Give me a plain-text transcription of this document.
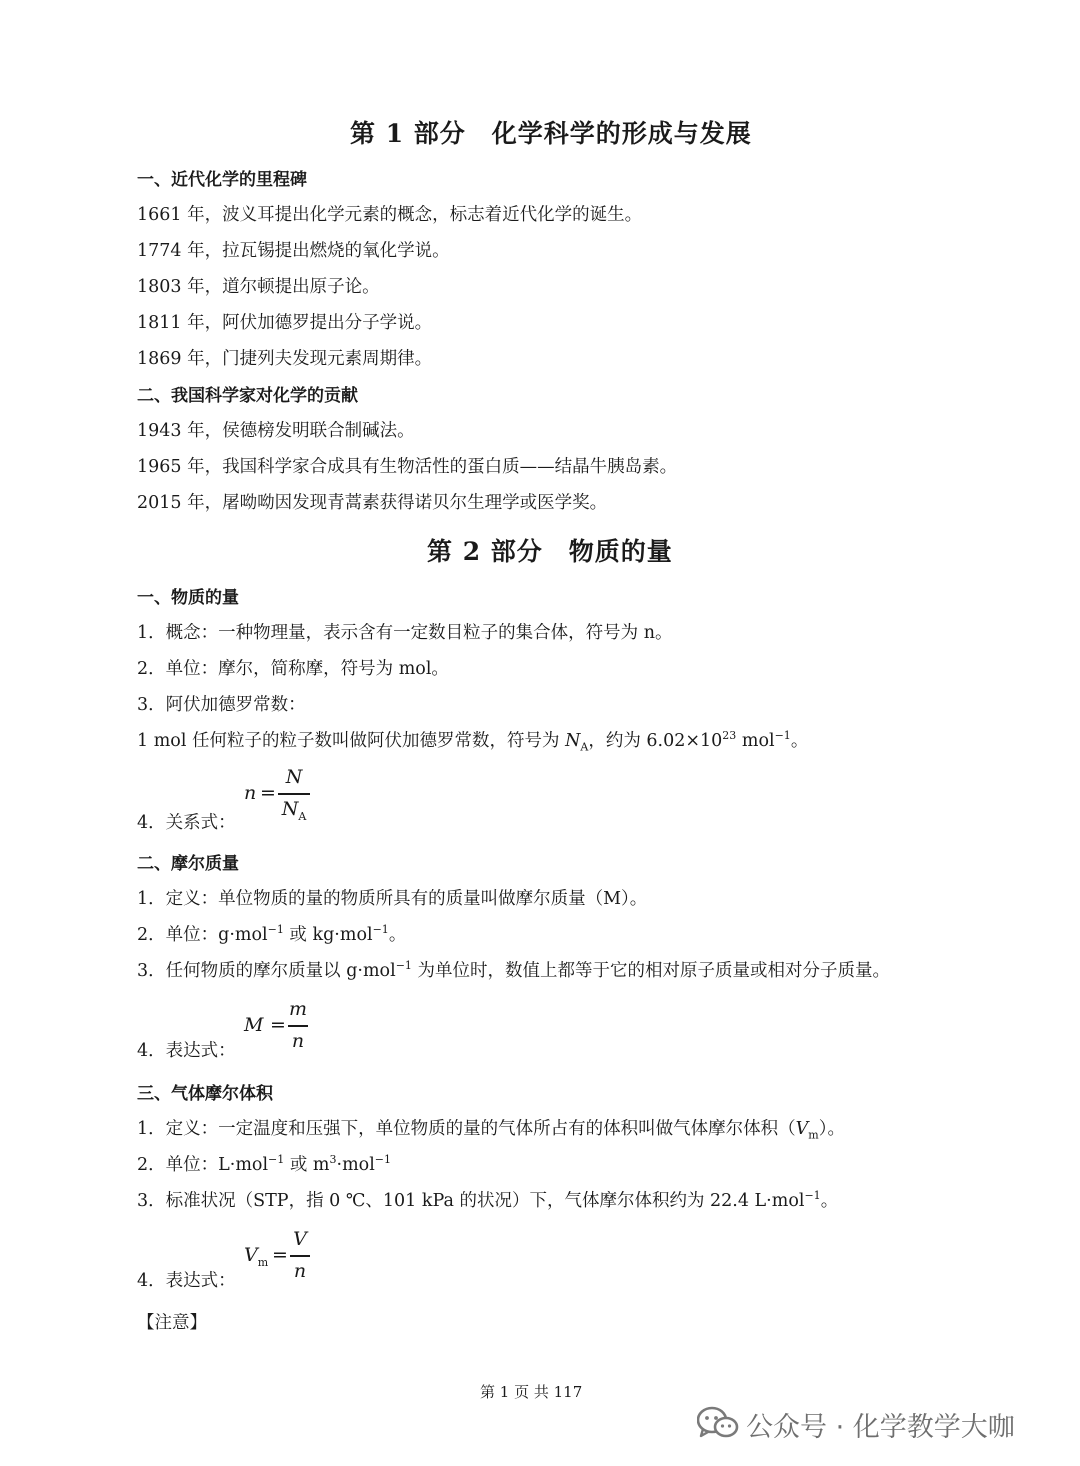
第 1 部分　化学科学的形成与发展
一、近代化学的里程碑
1661 年，波义耳提出化学元素的概念，标志着近代化学的诞生。
1774 年，拉瓦锡提出燃烧的氧化学说。
1803 年，道尔顿提出原子论。
1811 年，阿伏加德罗提出分子学说。
1869 年，门捷列夫发现元素周期律。
二、我国科学家对化学的贡献
1943 年，侯德榜发明联合制碱法。
1965 年，我国科学家合成具有生物活性的蛋白质——结晶牛胰岛素。
2015 年，屠呦呦因发现青蒿素获得诺贝尔生理学或医学奖。
第 2 部分　物质的量
一、物质的量
1．概念：一种物理量，表示含有一定数目粒子的集合体，符号为 n。
2．单位：摩尔，简称摩，符号为 mol。
3．阿伏加德罗常数：
1 mol 任何粒子的粒子数叫做阿伏加德罗常数，符号为 $N_A$，约为 $6.02\times 10^{23}$ mol$^{-1}$。
n =
N
$N_A$
4．关系式：
二、摩尔质量
1．定义：单位物质的量的物质所具有的质量叫做摩尔质量（M）。
2．单位：g·mol$^{-1}$ 或 kg·mol$^{-1}$。
3．任何物质的摩尔质量以 g·mol$^{-1}$ 为单位时，数值上都等于它的相对原子质量或相对分子质量。
M =
m
n
4．表达式：
三、气体摩尔体积
1．定义：一定温度和压强下，单位物质的量的气体所占有的体积叫做气体摩尔体积$(V_m)$。
2．单位：L·mol$^{-1}$ 或 $m^3\cdot mol^{-1}$
3．标准状况（STP，指 0 ℃、101 kPa 的状况）下，气体摩尔体积约为 22.4 L·mol$^{-1}$。
$V_m$ =
V
n
4．表达式：
【注意】
第 1 页 共 117
公众号 · 化学教学大咖
